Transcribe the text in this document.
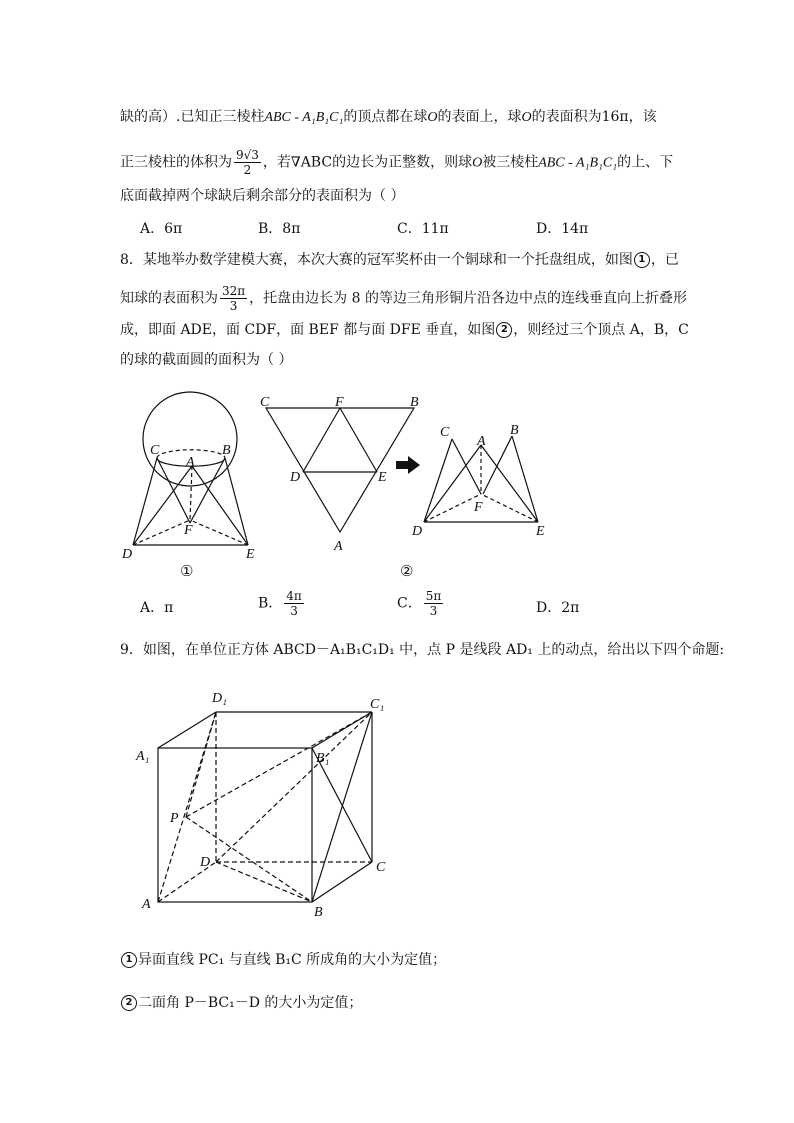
缺的高）.已知正三棱柱ABC - A₁B₁C₁的顶点都在球O的表面上，球O的表面积为16π，该
正三棱柱的体积为 $\frac{9√3}{2}$ ，若∇ABC的边长为正整数，则球O被三棱柱ABC - A₁B₁C₁的上、下
底面截掉两个球缺后剩余部分的表面积为（ ）
A．6π	B．8π	C．11π	D．14π
8．某地举办数学建模大赛，本次大赛的冠军奖杯由一个铜球和一个托盘组成，如图 1 ，已
知球的表面积为 $\frac{32\pi}{3}$ ，托盘由边长为 8 的等边三角形铜片沿各边中点的连线垂直向上折叠形
成，即面 ADE，面 CDF，面 BEF 都与面 DFE 垂直，如图 2 ，则经过三个顶点 A，B，C
的球的截面圆的面积为（ ）
C	B
A
F
D	E
①
C	F	B
D	E
A
C
A
B
F
D	E
②
A．π	B． $\frac{4\pi}{3}$	C． $\frac{5\pi}{3}$	D．2π
9．如图，在单位正方体 ABCD－A₁B₁C₁D₁ 中，点 P 是线段 AD₁ 上的动点，给出以下四个命题:
D₁	C₁
A₁	B₁
P
D	C
A
B
1 异面直线 PC₁ 与直线 B₁C 所成角的大小为定值；
2 二面角 P－BC₁－D 的大小为定值；
